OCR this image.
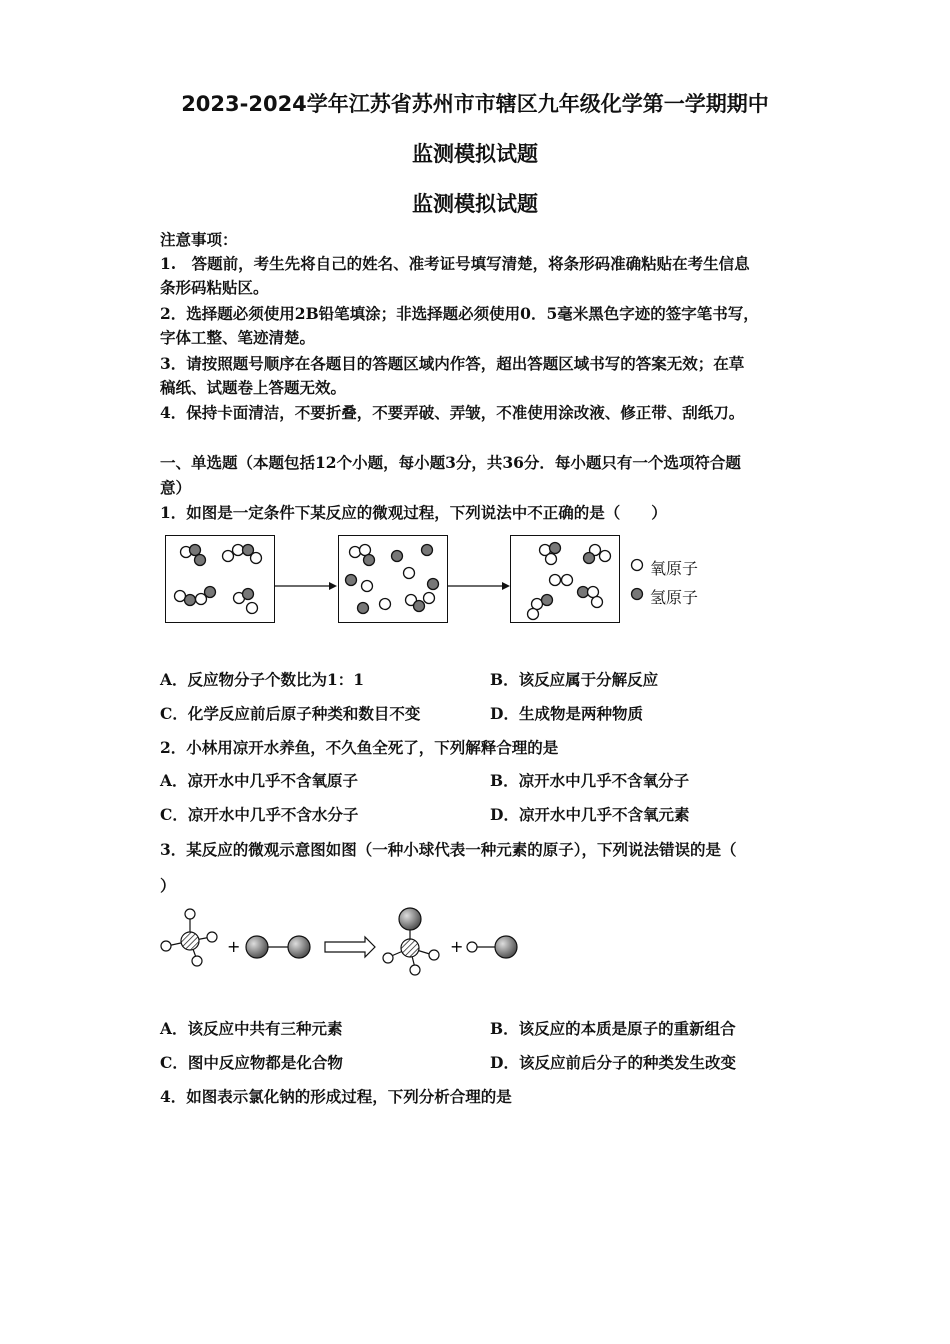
2023-2024学年江苏省苏州市市辖区九年级化学第一学期期中
监测模拟试题
监测模拟试题
注意事项：
1.　答题前，考生先将自己的姓名、准考证号填写清楚，将条形码准确粘贴在考生信息
条形码粘贴区。
2．选择题必须使用2B铅笔填涂；非选择题必须使用0．5毫米黑色字迹的签字笔书写，
字体工整、笔迹清楚。
3．请按照题号顺序在各题目的答题区域内作答，超出答题区域书写的答案无效；在草
稿纸、试题卷上答题无效。
4．保持卡面清洁，不要折叠，不要弄破、弄皱，不准使用涂改液、修正带、刮纸刀。
一、单选题（本题包括12个小题，每小题3分，共36分．每小题只有一个选项符合题
意）
1．如图是一定条件下某反应的微观过程，下列说法中不正确的是（　　）
氧原子
氢原子
A．反应物分子个数比为1：1	B．该反应属于分解反应
C．化学反应前后原子种类和数目不变	D．生成物是两种物质
2．小林用凉开水养鱼，不久鱼全死了，下列解释合理的是
A．凉开水中几乎不含氧原子	B．凉开水中几乎不含氧分子
C．凉开水中几乎不含水分子	D．凉开水中几乎不含氧元素
3．某反应的微观示意图如图（一种小球代表一种元素的原子），下列说法错误的是（
）
+	+
A．该反应中共有三种元素	B．该反应的本质是原子的重新组合
C．图中反应物都是化合物	D．该反应前后分子的种类发生改变
4．如图表示氯化钠的形成过程，下列分析合理的是
